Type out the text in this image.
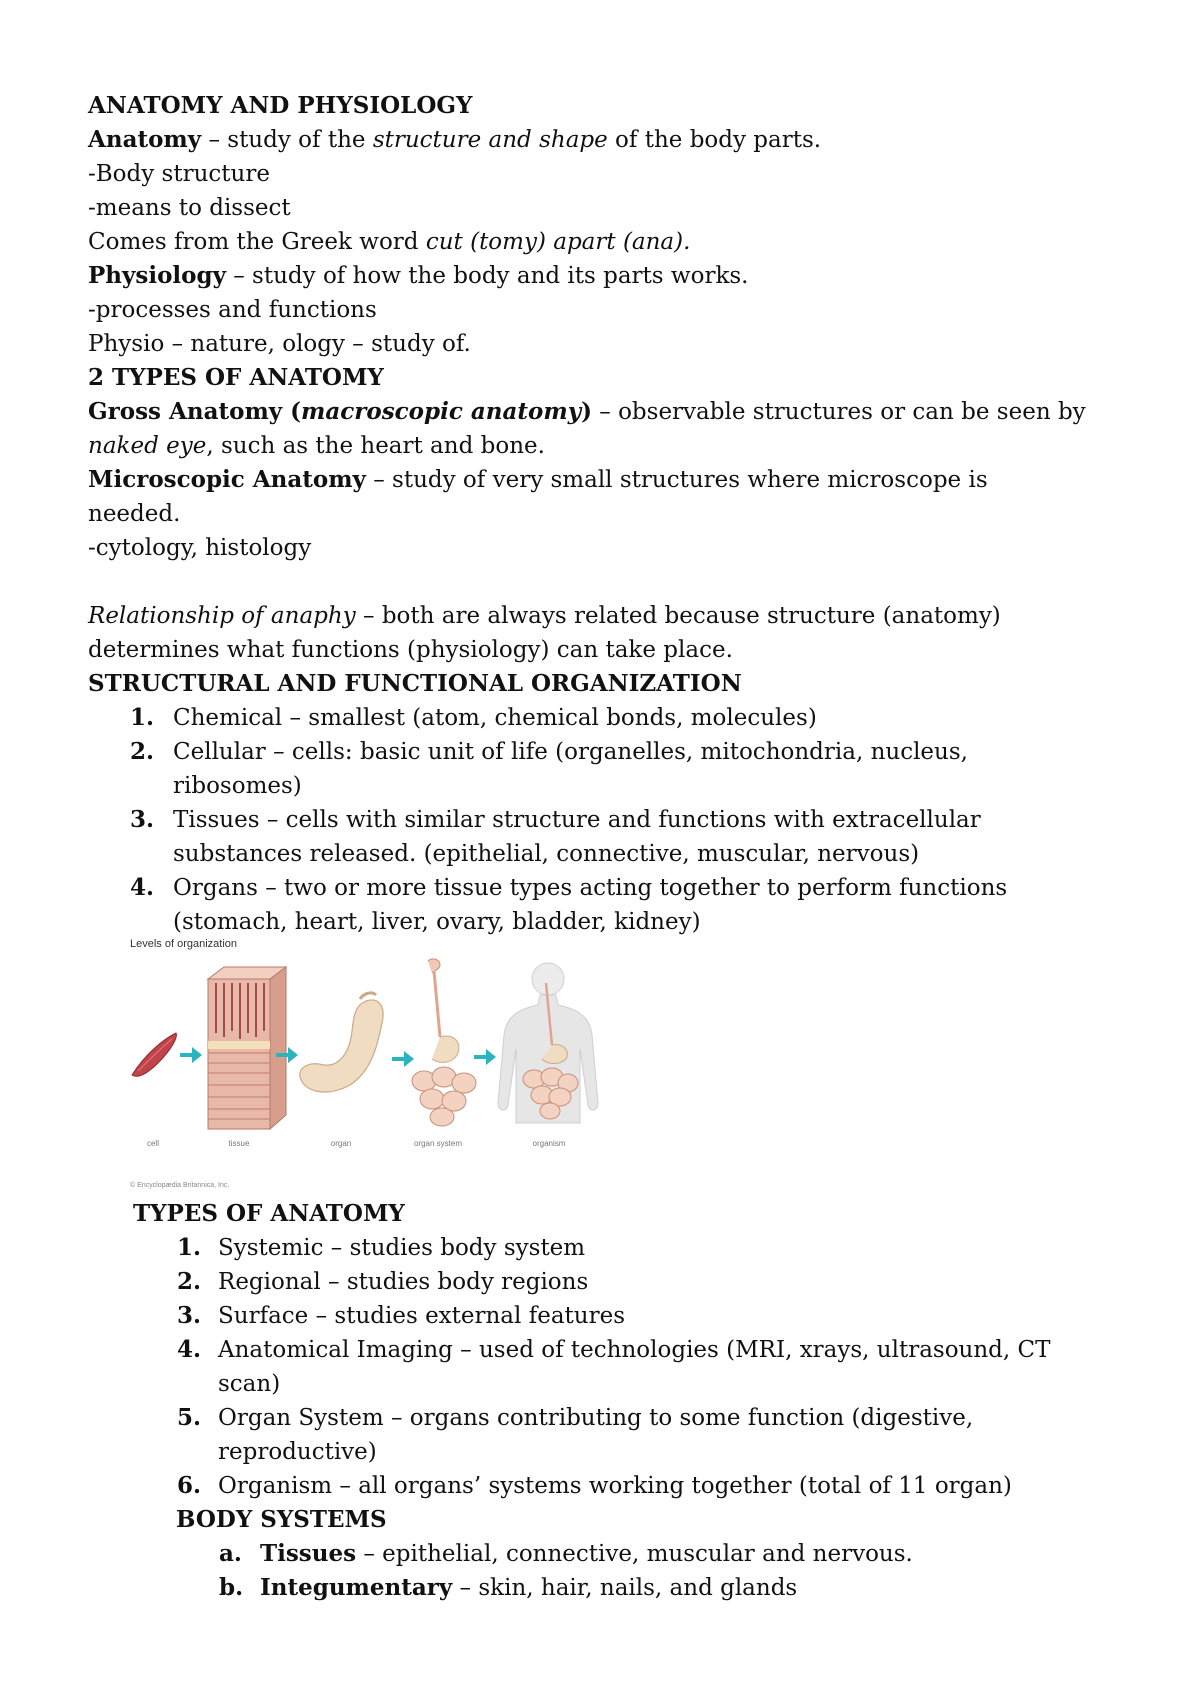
ANATOMY AND PHYSIOLOGY
Anatomy – study of the structure and shape of the body parts.
-Body structure
-means to dissect
Comes from the Greek word cut (tomy) apart (ana).
Physiology – study of how the body and its parts works.
-processes and functions
Physio – nature, ology – study of.
2 TYPES OF ANATOMY
Gross Anatomy (macroscopic anatomy) – observable structures or can be seen by
naked eye, such as the heart and bone.
Microscopic Anatomy – study of very small structures where microscope is
needed.
-cytology, histology
Relationship of anaphy – both are always related because structure (anatomy)
determines what functions (physiology) can take place.
STRUCTURAL AND FUNCTIONAL ORGANIZATION
1. Chemical – smallest (atom, chemical bonds, molecules)
2. Cellular – cells: basic unit of life (organelles, mitochondria, nucleus,
ribosomes)
3. Tissues – cells with similar structure and functions with extracellular
substances released. (epithelial, connective, muscular, nervous)
4. Organs – two or more tissue types acting together to perform functions
(stomach, heart, liver, ovary, bladder, kidney)
Levels of organization
cell	tissue	organ	organ system	organism
© Encyclopædia Britannica, Inc.
TYPES OF ANATOMY
1. Systemic – studies body system
2. Regional – studies body regions
3. Surface – studies external features
4. Anatomical Imaging – used of technologies (MRI, xrays, ultrasound, CT
scan)
5. Organ System – organs contributing to some function (digestive,
reproductive)
6. Organism – all organs’ systems working together (total of 11 organ)
BODY SYSTEMS
a. Tissues – epithelial, connective, muscular and nervous.
b. Integumentary – skin, hair, nails, and glands
